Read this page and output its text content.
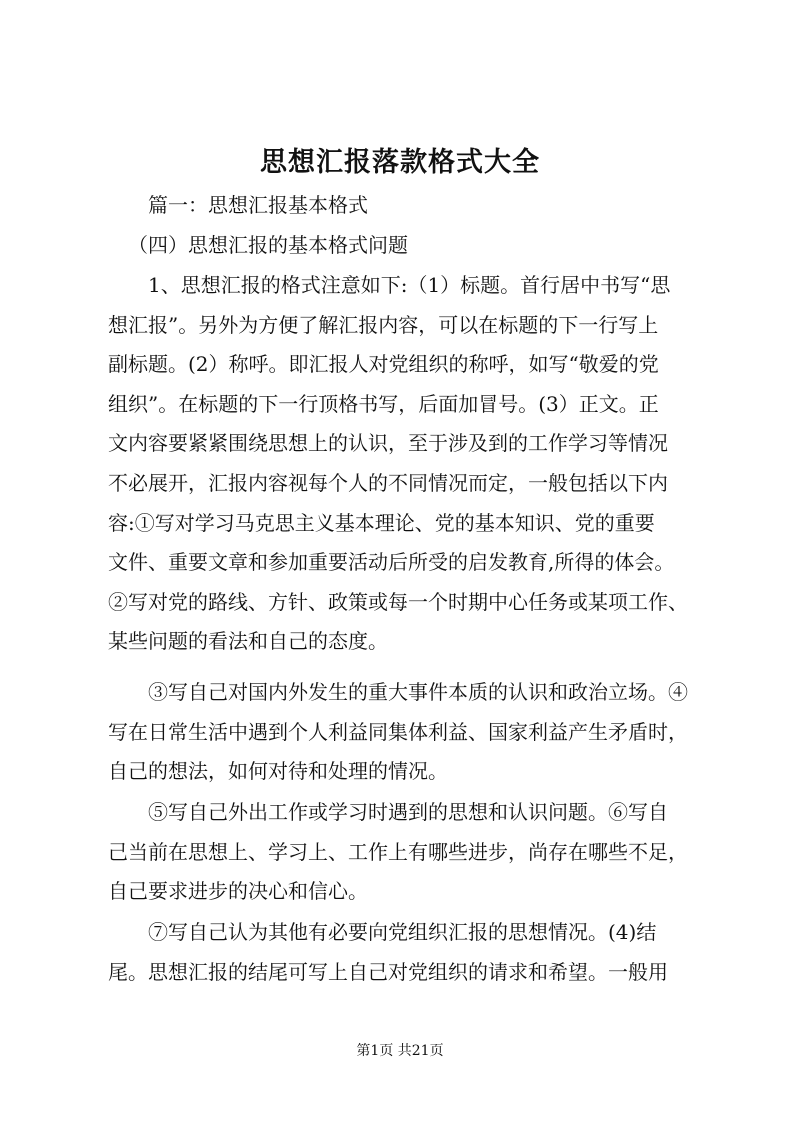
思想汇报落款格式大全
篇一：思想汇报基本格式
（四）思想汇报的基本格式问题
1、思想汇报的格式注意如下:（1）标题。首行居中书写“思
想汇报”。另外为方便了解汇报内容，可以在标题的下一行写上
副标题。(2）称呼。即汇报人对党组织的称呼，如写“敬爱的党
组织”。在标题的下一行顶格书写，后面加冒号。(3）正文。正
文内容要紧紧围绕思想上的认识，至于涉及到的工作学习等情况
不必展开，汇报内容视每个人的不同情况而定，一般包括以下内
容:①写对学习马克思主义基本理论、党的基本知识、党的重要
文件、重要文章和参加重要活动后所受的启发教育,所得的体会。
②写对党的路线、方针、政策或每一个时期中心任务或某项工作、
某些问题的看法和自己的态度。
③写自己对国内外发生的重大事件本质的认识和政治立场。④
写在日常生活中遇到个人利益同集体利益、国家利益产生矛盾时，
自己的想法，如何对待和处理的情况。
⑤写自己外出工作或学习时遇到的思想和认识问题。⑥写自
己当前在思想上、学习上、工作上有哪些进步，尚存在哪些不足，
自己要求进步的决心和信心。
⑦写自己认为其他有必要向党组织汇报的思想情况。(4)结
尾。思想汇报的结尾可写上自己对党组织的请求和希望。一般用
第1页 共21页
